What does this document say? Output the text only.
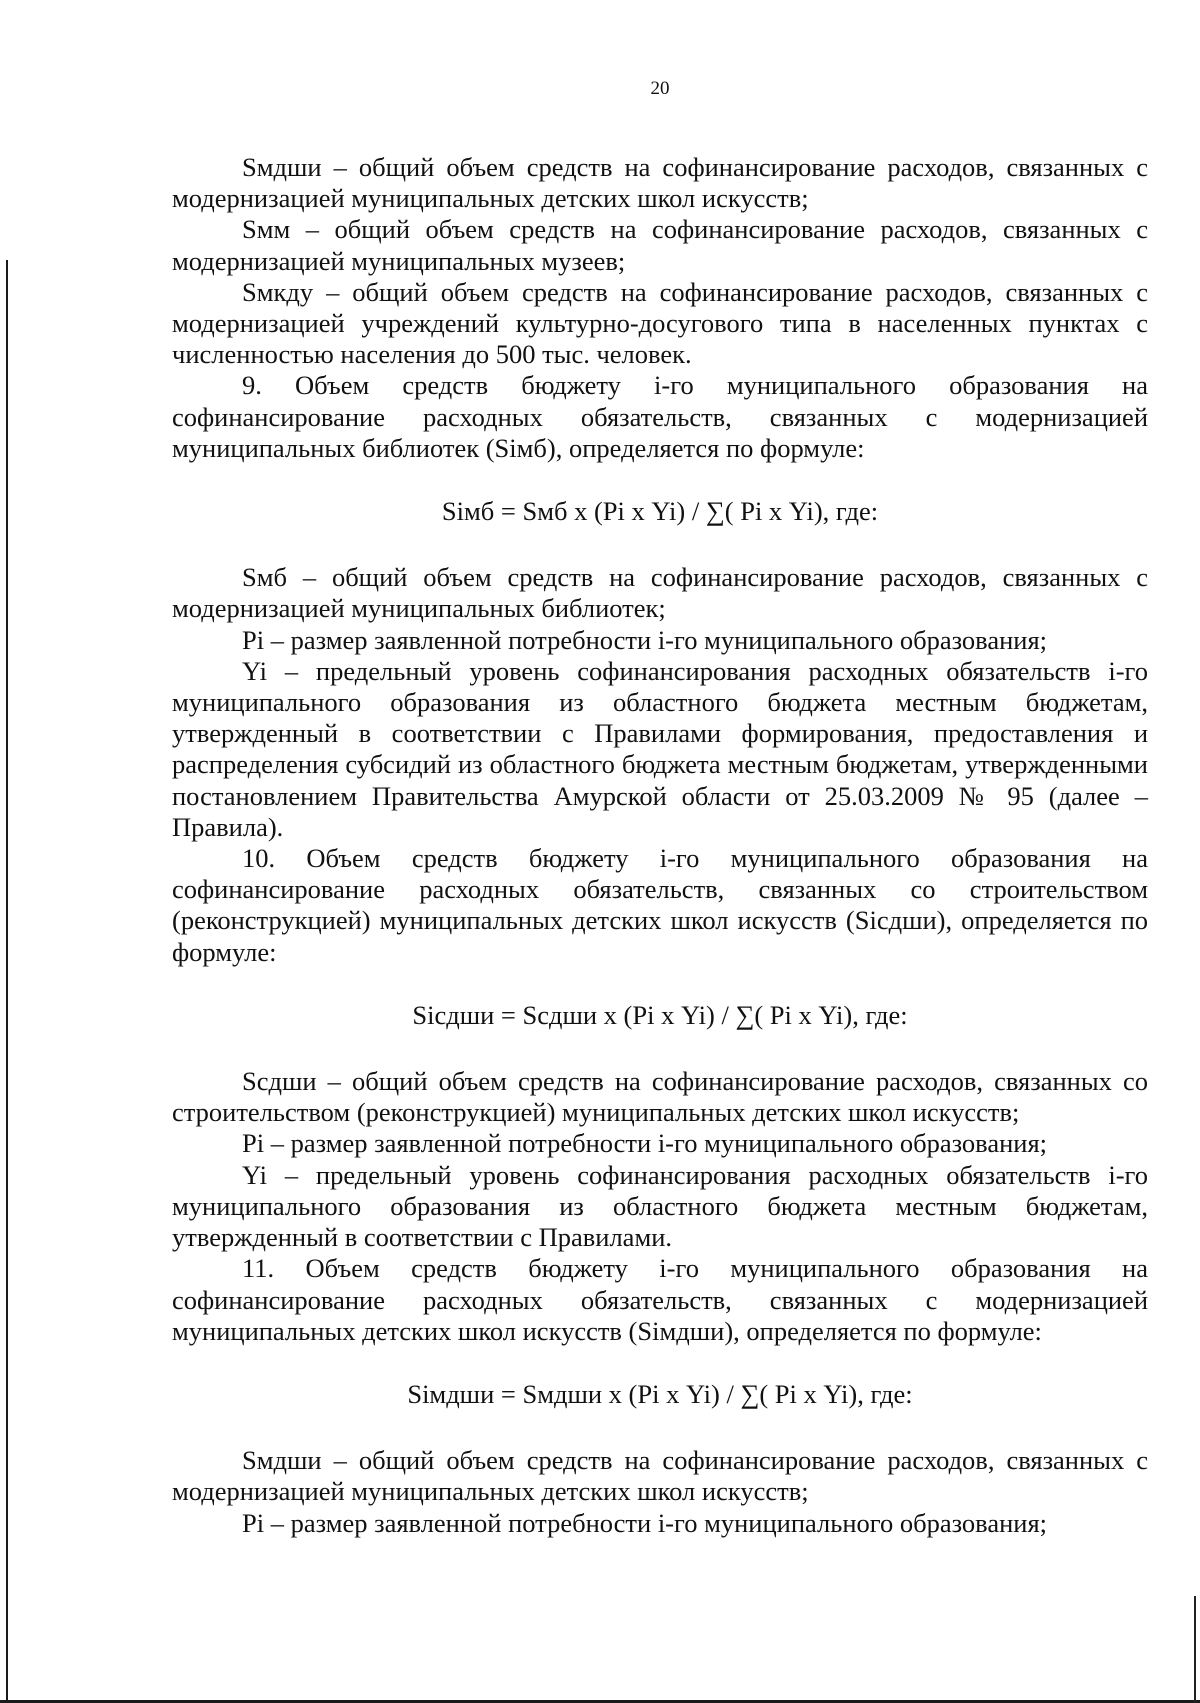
20

Sмдши – общий объем средств на софинансирование расходов, связанных с модернизацией муниципальных детских школ искусств;

Sмм – общий объем средств на софинансирование расходов, связанных с модернизацией муниципальных музеев;

Sмкду – общий объем средств на софинансирование расходов, связанных с модернизацией учреждений культурно-досугового типа в населенных пунктах с численностью населения до 500 тыс. человек.

9. Объем средств бюджету i-го муниципального образования на софинансирование расходных обязательств, связанных с модернизацией муниципальных библиотек (Siмб), определяется по формуле:

Siмб = Sмб х (Pi х Yi) / ∑( Pi х Yi), где:

Sмб – общий объем средств на софинансирование расходов, связанных с модернизацией муниципальных библиотек;

Pi – размер заявленной потребности i-го муниципального образования;

Yi – предельный уровень софинансирования расходных обязательств i-го муниципального образования из областного бюджета местным бюджетам, утвержденный в соответствии с Правилами формирования, предоставления и распределения субсидий из областного бюджета местным бюджетам, утвержденными постановлением Правительства Амурской области от 25.03.2009 № 95 (далее – Правила).

10. Объем средств бюджету i-го муниципального образования на софинансирование расходных обязательств, связанных со строительством (реконструкцией) муниципальных детских школ искусств (Siсдши), определяется по формуле:

Siсдши = Sсдши х (Pi х Yi) / ∑( Pi х Yi), где:

Sсдши – общий объем средств на софинансирование расходов, связанных со строительством (реконструкцией) муниципальных детских школ искусств;

Pi – размер заявленной потребности i-го муниципального образования;

Yi – предельный уровень софинансирования расходных обязательств i-го муниципального образования из областного бюджета местным бюджетам, утвержденный в соответствии с Правилами.

11. Объем средств бюджету i-го муниципального образования на софинансирование расходных обязательств, связанных с модернизацией муниципальных детских школ искусств (Siмдши), определяется по формуле:

Siмдши = Sмдши х (Pi х Yi) / ∑( Pi х Yi), где:

Sмдши – общий объем средств на софинансирование расходов, связанных с модернизацией муниципальных детских школ искусств;

Pi – размер заявленной потребности i-го муниципального образования;
